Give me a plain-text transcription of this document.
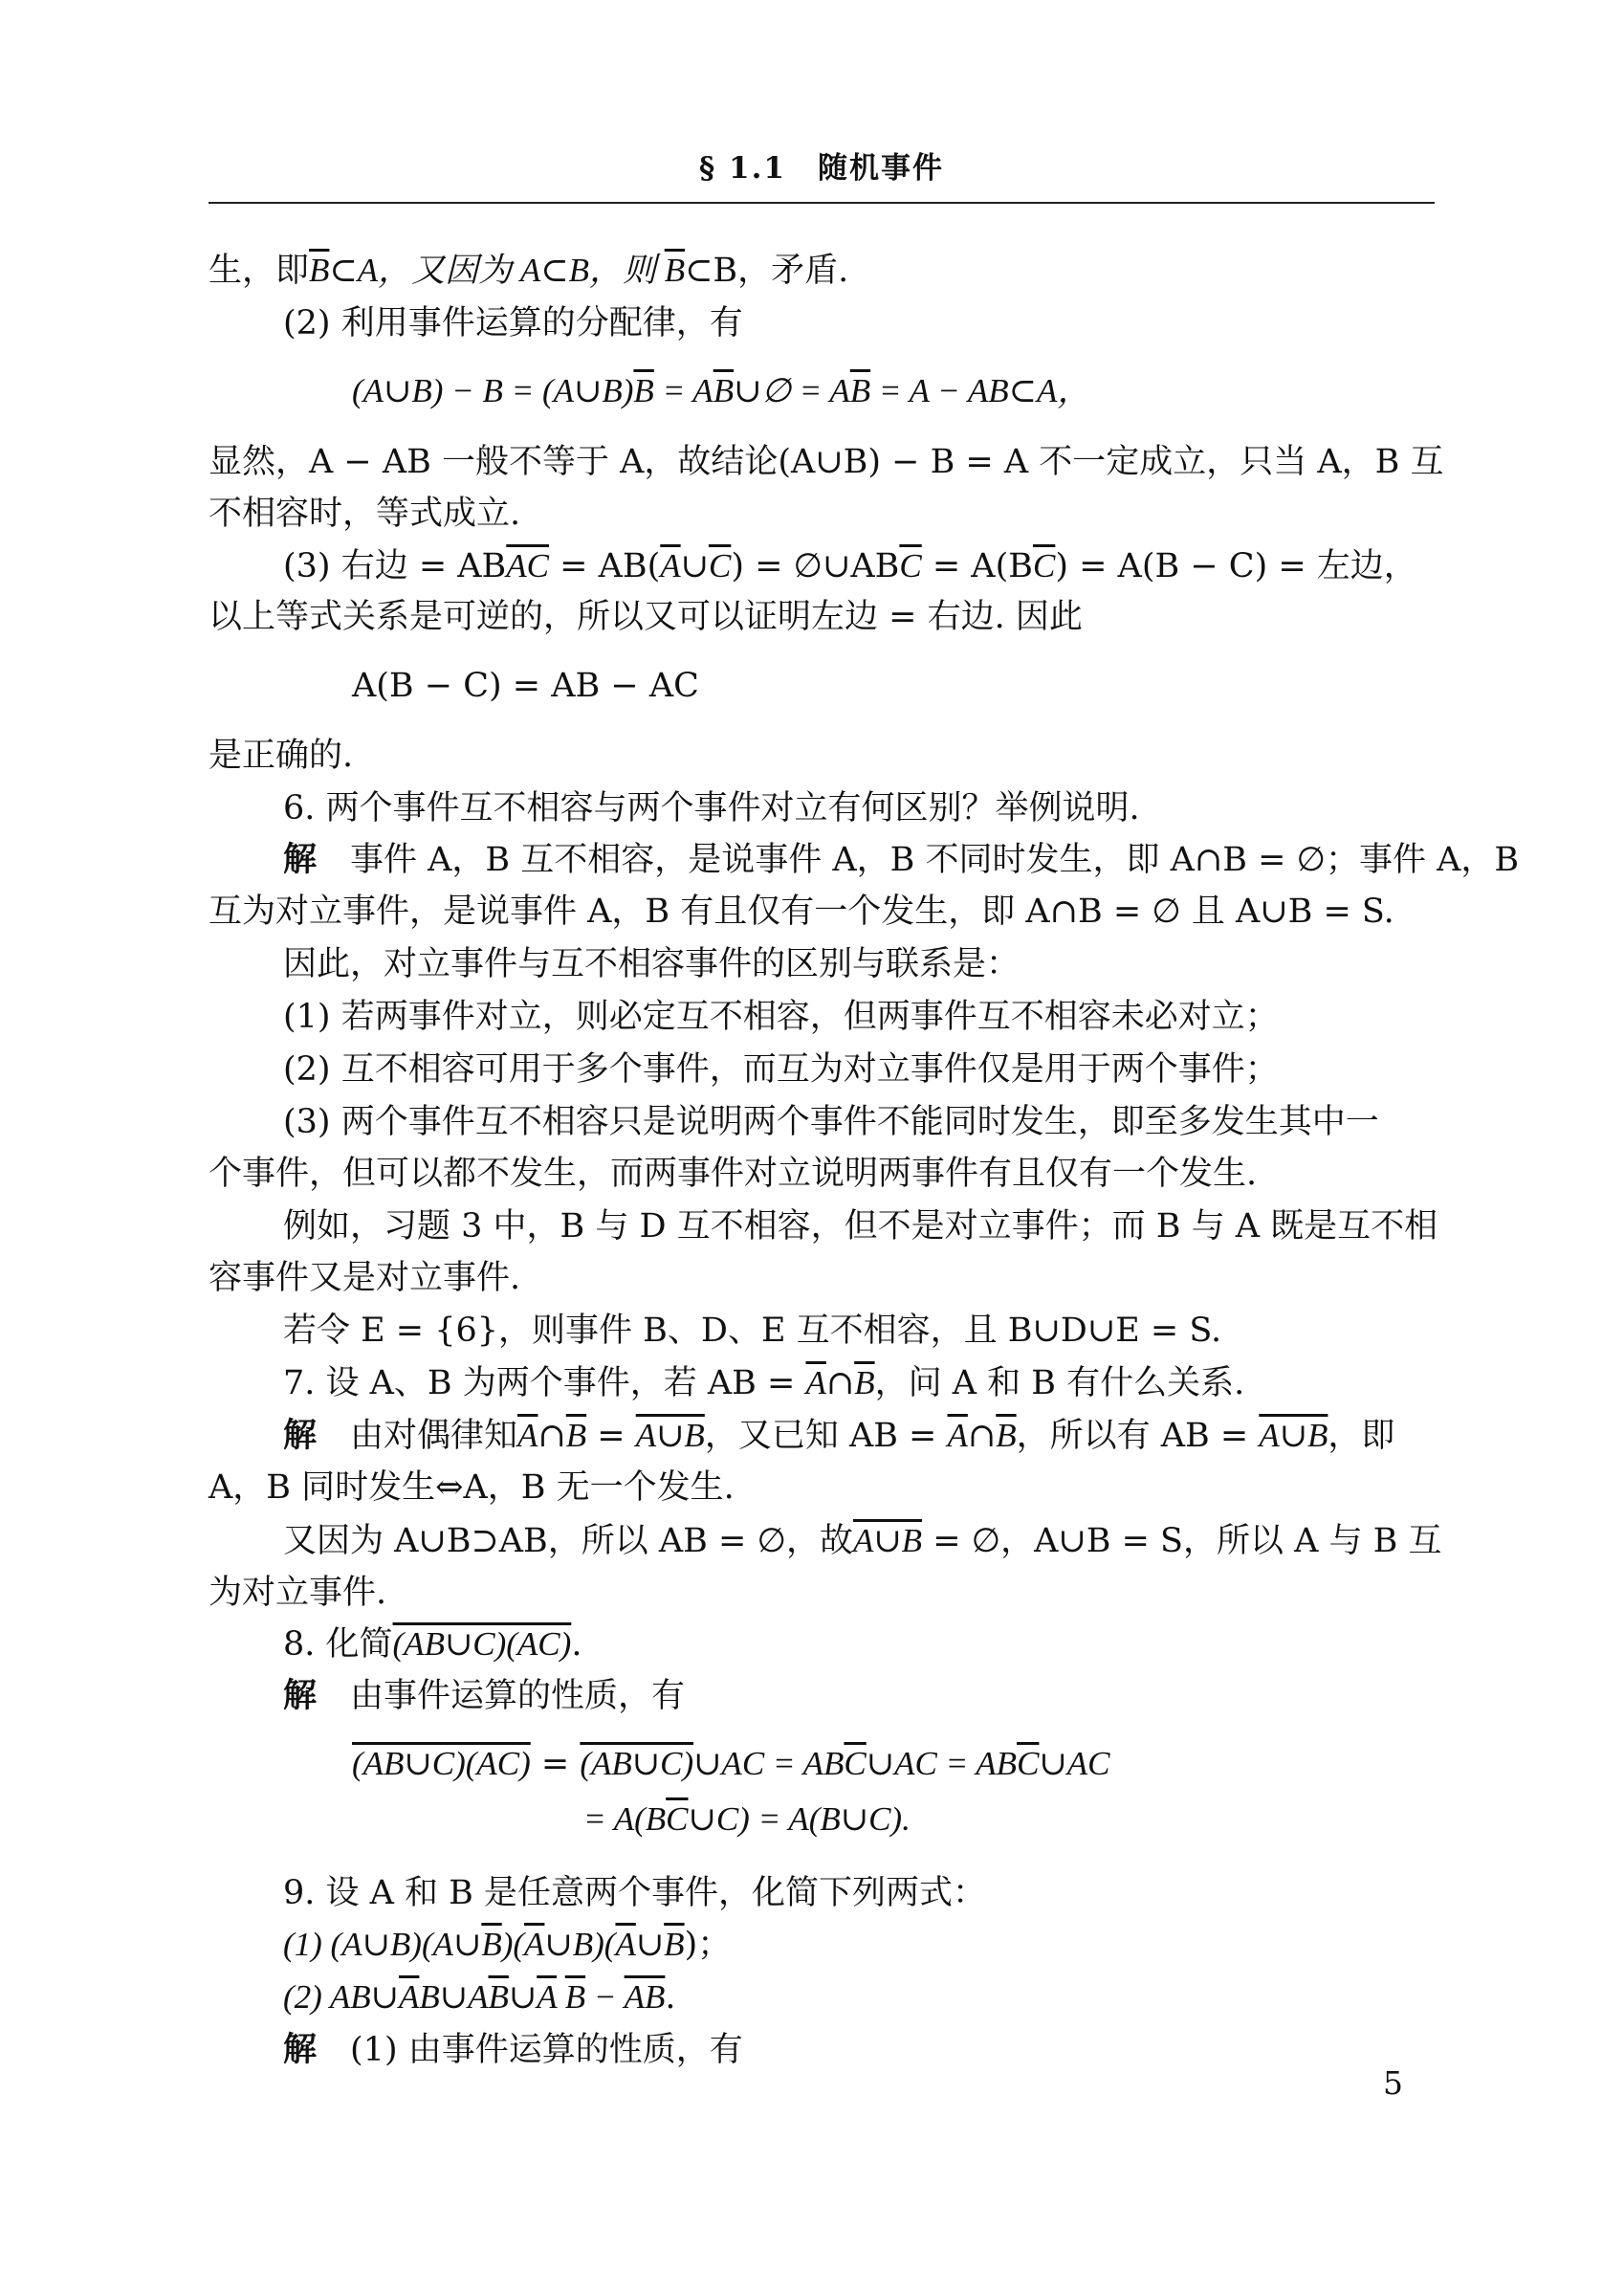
§ 1.1　随机事件
生，即$\overline{B}\subset A$，又因为 A⊂B，则 $\overline{B}\subset B$，矛盾.
(2) 利用事件运算的分配律，有
(A∪B) − $B = (A\cup B)\overline{B}$ = $A\overline{B}\cup\emptyset = A\overline{B} = A$ − AB⊂A，
显然，A − AB 一般不等于 A，故结论(A∪B) − B = A 不一定成立，只当 A，B 互
不相容时，等式成立.
(3) 右边 = $AB\overline{AC}$ = $AB(\overline{A}\cup\overline{C})$ = $\emptyset\cup AB\overline{C} = A(B\overline{C}) = A(B - C)$ = 左边，
以上等式关系是可逆的，所以又可以证明左边 = 右边. 因此
A(B − C) = AB − AC
是正确的.
6. 两个事件互不相容与两个事件对立有何区别？举例说明.
解　事件 A，B 互不相容，是说事件 A，B 不同时发生，即 A∩B = ∅；事件 A，B
互为对立事件，是说事件 A，B 有且仅有一个发生，即 A∩B = ∅ 且 A∪B = S.
因此，对立事件与互不相容事件的区别与联系是：
(1) 若两事件对立，则必定互不相容，但两事件互不相容未必对立；
(2) 互不相容可用于多个事件，而互为对立事件仅是用于两个事件；
(3) 两个事件互不相容只是说明两个事件不能同时发生，即至多发生其中一
个事件，但可以都不发生，而两事件对立说明两事件有且仅有一个发生.
例如，习题 3 中，B 与 D 互不相容，但不是对立事件；而 B 与 A 既是互不相
容事件又是对立事件.
若令 E = {6}，则事件 B、D、E 互不相容，且 B∪D∪E = S.
7. 设 A、B 为两个事件，若 AB = $\overline{A}\cap\overline{B}$，问 A 和 B 有什么关系.
解　由对偶律知$\overline{A}\cap\overline{B}$ = A∪B，又已知 AB = $\overline{A}\cap\overline{B}$，所以有 AB = A∪B，即
A，B 同时发生⇔A，B 无一个发生.
又因为 A∪B⊃AB，所以 AB = ∅，故A∪B = ∅，A∪B = S，所以 A 与 B 互
为对立事件.
8. 化简(AB∪C)(AC).
解　由事件运算的性质，有
(AB∪C)(AC) = (AB∪C)∪AC = $AB\overline{C}\cup AC$ = $AB\overline{C}\cup AC$
= $A(B\overline{C}\cup C)$ = A(B∪C).
9. 设 A 和 B 是任意两个事件，化简下列两式：
(1) $(A\cup B)(A\cup\overline{B})(\overline{A}\cup B)(\overline{A}\cup\overline{B})$；
(2) $AB\cup\overline{A}B\cup A\overline{B}\cup\overline{A}$ $\overline{B} - \overline{AB}$.
解　(1) 由事件运算的性质，有
5
